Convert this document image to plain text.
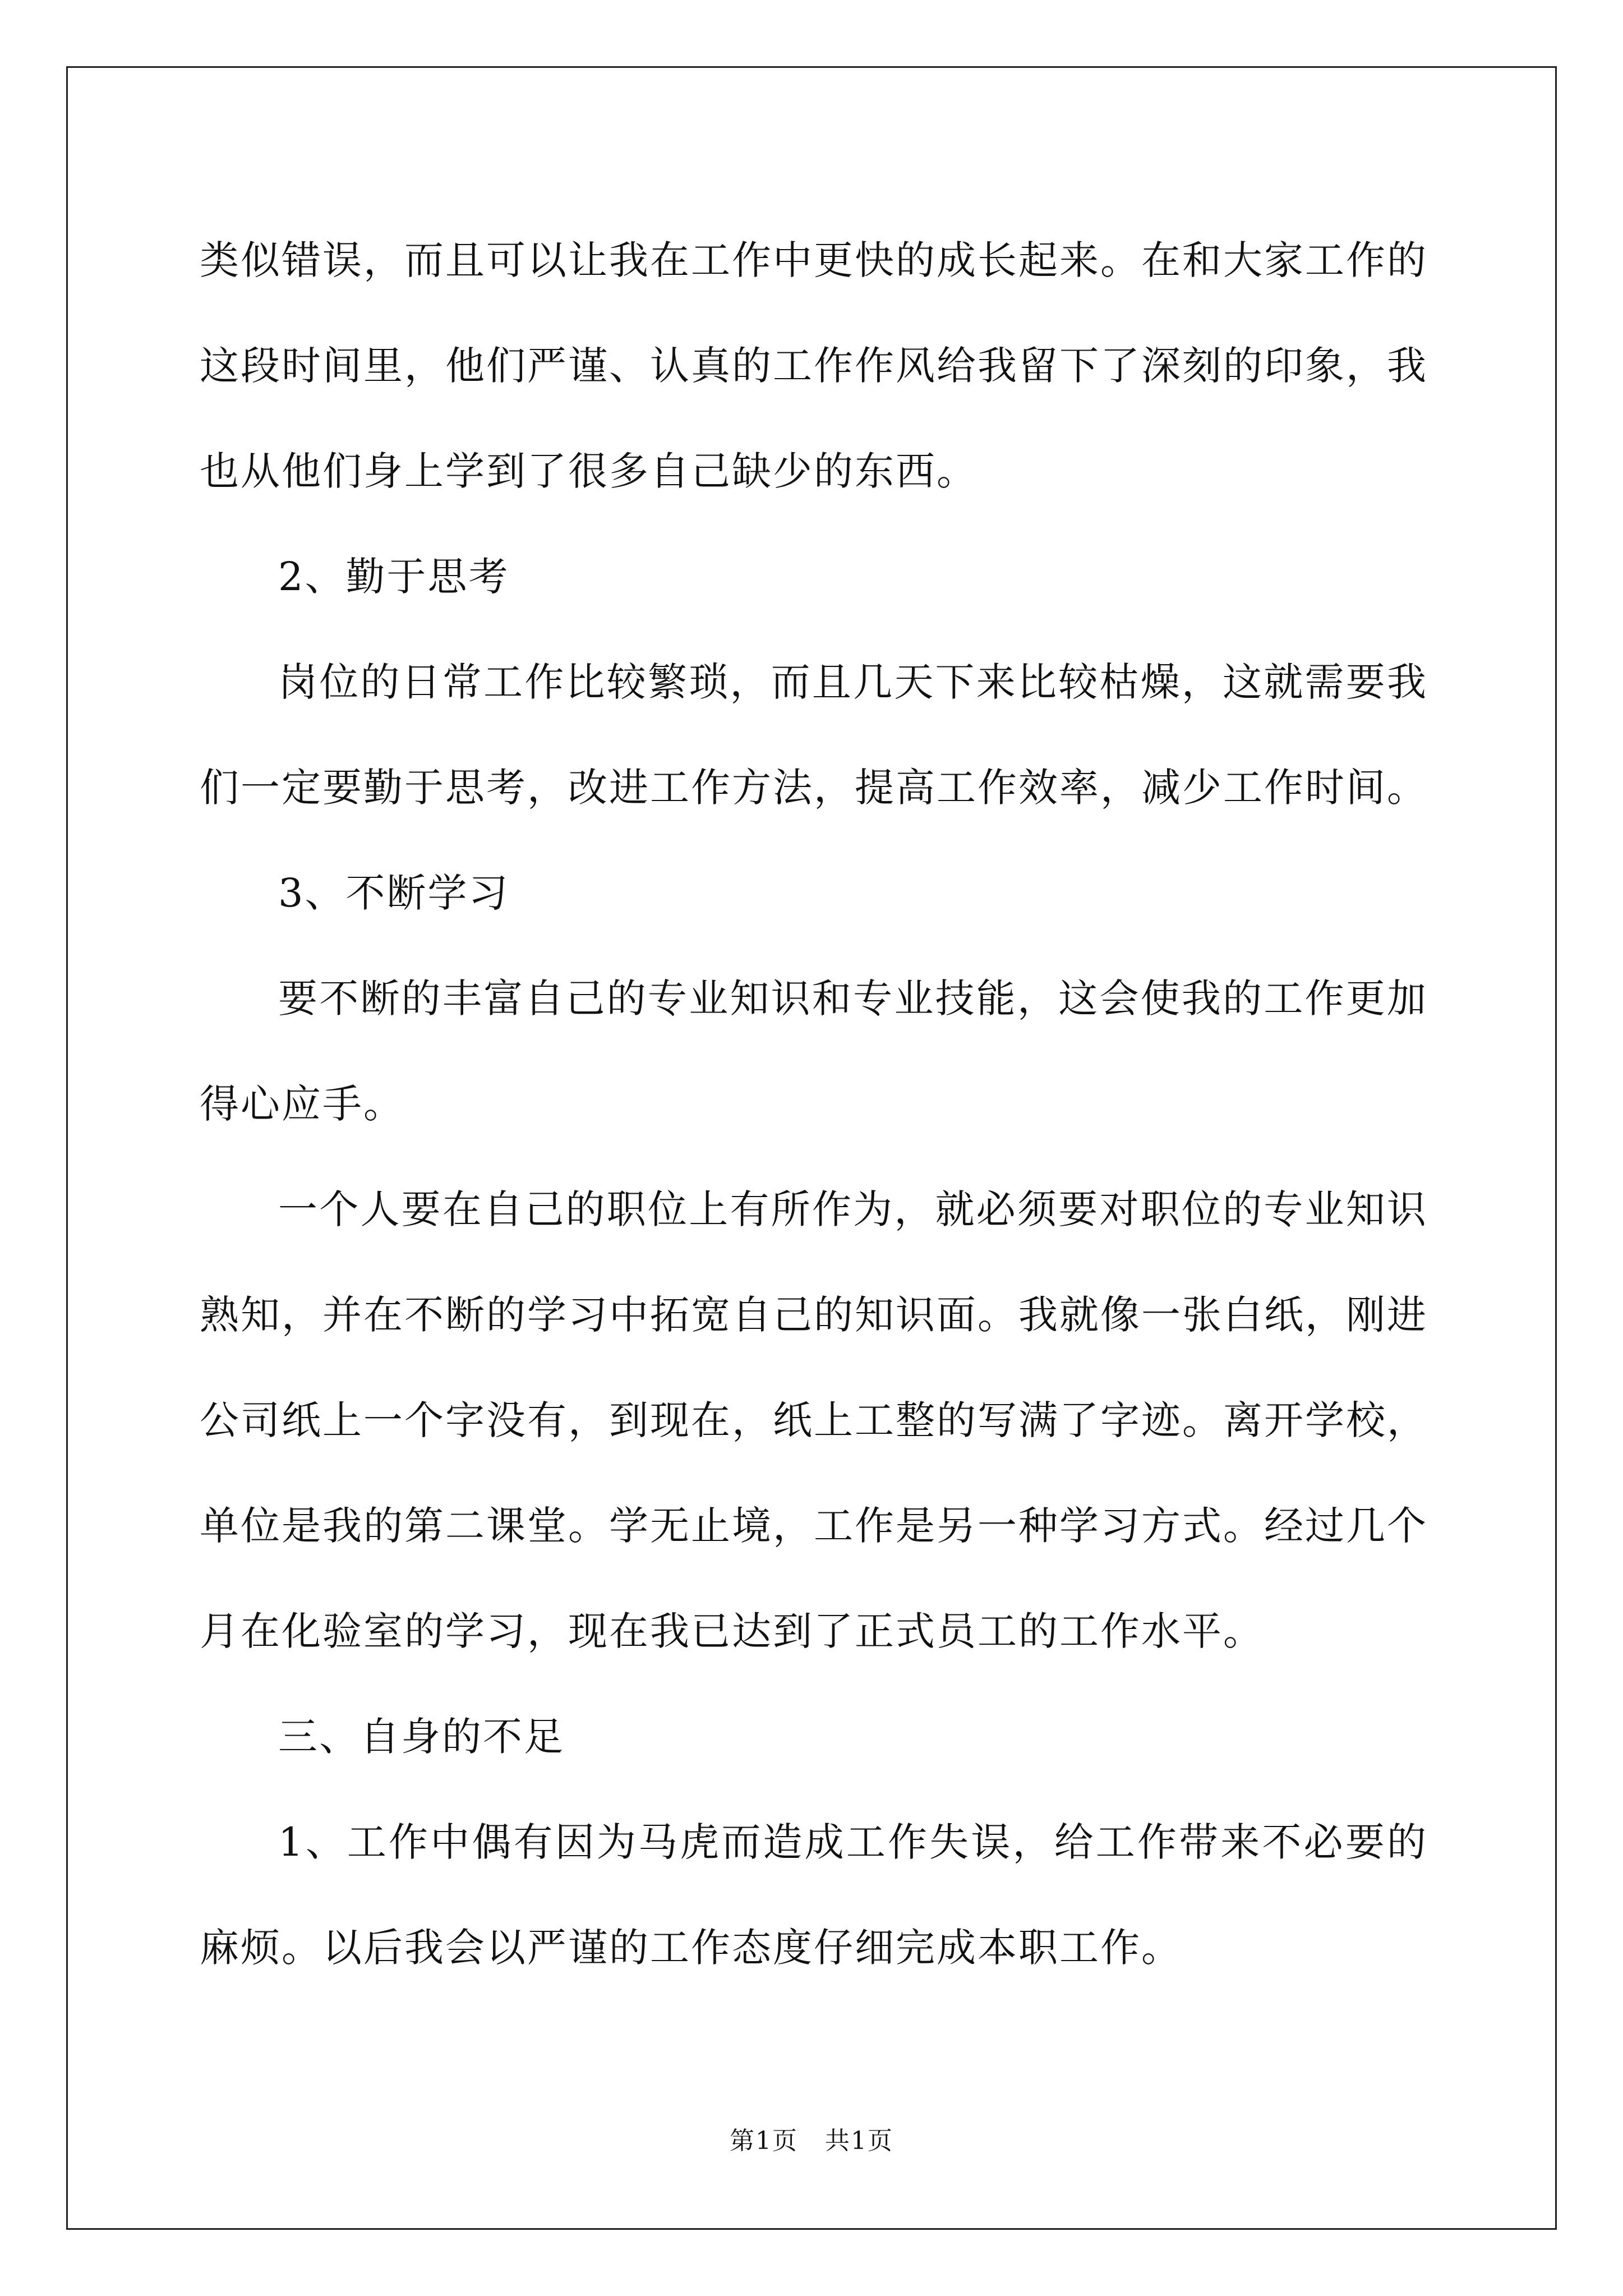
类似错误，而且可以让我在工作中更快的成长起来。在和大家工作的这段时间里，他们严谨、认真的工作作风给我留下了深刻的印象，我也从他们身上学到了很多自己缺少的东西。

2、勤于思考

岗位的日常工作比较繁琐，而且几天下来比较枯燥，这就需要我们一定要勤于思考，改进工作方法，提高工作效率，减少工作时间。

3、不断学习

要不断的丰富自己的专业知识和专业技能，这会使我的工作更加得心应手。

一个人要在自己的职位上有所作为，就必须要对职位的专业知识熟知，并在不断的学习中拓宽自己的知识面。我就像一张白纸，刚进公司纸上一个字没有，到现在，纸上工整的写满了字迹。离开学校，单位是我的第二课堂。学无止境，工作是另一种学习方式。经过几个月在化验室的学习，现在我已达到了正式员工的工作水平。

三、自身的不足

1、工作中偶有因为马虎而造成工作失误，给工作带来不必要的麻烦。以后我会以严谨的工作态度仔细完成本职工作。

第1页 共1页
